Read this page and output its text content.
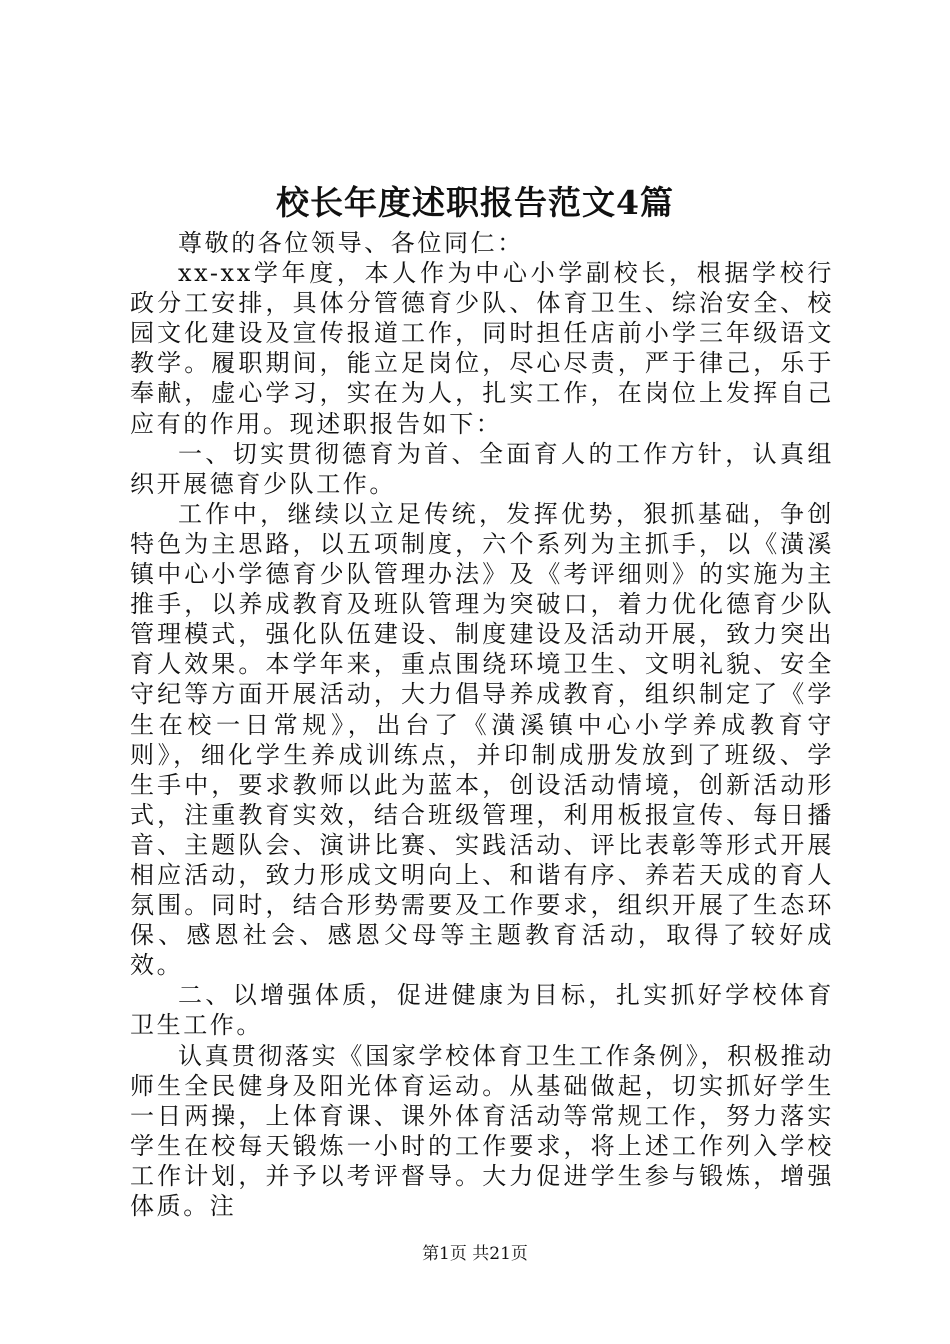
校长年度述职报告范文4篇

尊敬的各位领导、各位同仁：

xx-xx学年度，本人作为中心小学副校长，根据学校行政分工安排，具体分管德育少队、体育卫生、综治安全、校园文化建设及宣传报道工作，同时担任店前小学三年级语文教学。履职期间，能立足岗位，尽心尽责，严于律己，乐于奉献，虚心学习，实在为人，扎实工作，在岗位上发挥自己应有的作用。现述职报告如下：

一、切实贯彻德育为首、全面育人的工作方针，认真组织开展德育少队工作。

工作中，继续以立足传统，发挥优势，狠抓基础，争创特色为主思路，以五项制度，六个系列为主抓手，以《潢溪镇中心小学德育少队管理办法》及《考评细则》的实施为主推手，以养成教育及班队管理为突破口，着力优化德育少队管理模式，强化队伍建设、制度建设及活动开展，致力突出育人效果。本学年来，重点围绕环境卫生、文明礼貌、安全守纪等方面开展活动，大力倡导养成教育，组织制定了《学生在校一日常规》，出台了《潢溪镇中心小学养成教育守则》，细化学生养成训练点，并印制成册发放到了班级、学生手中，要求教师以此为蓝本，创设活动情境，创新活动形式，注重教育实效，结合班级管理，利用板报宣传、每日播音、主题队会、演讲比赛、实践活动、评比表彰等形式开展相应活动，致力形成文明向上、和谐有序、养若天成的育人氛围。同时，结合形势需要及工作要求，组织开展了生态环保、感恩社会、感恩父母等主题教育活动，取得了较好成效。

二、以增强体质，促进健康为目标，扎实抓好学校体育卫生工作。

认真贯彻落实《国家学校体育卫生工作条例》，积极推动师生全民健身及阳光体育运动。从基础做起，切实抓好学生一日两操，上体育课、课外体育活动等常规工作，努力落实学生在校每天锻炼一小时的工作要求，将上述工作列入学校工作计划，并予以考评督导。大力促进学生参与锻炼，增强体质。注

第1页 共21页
